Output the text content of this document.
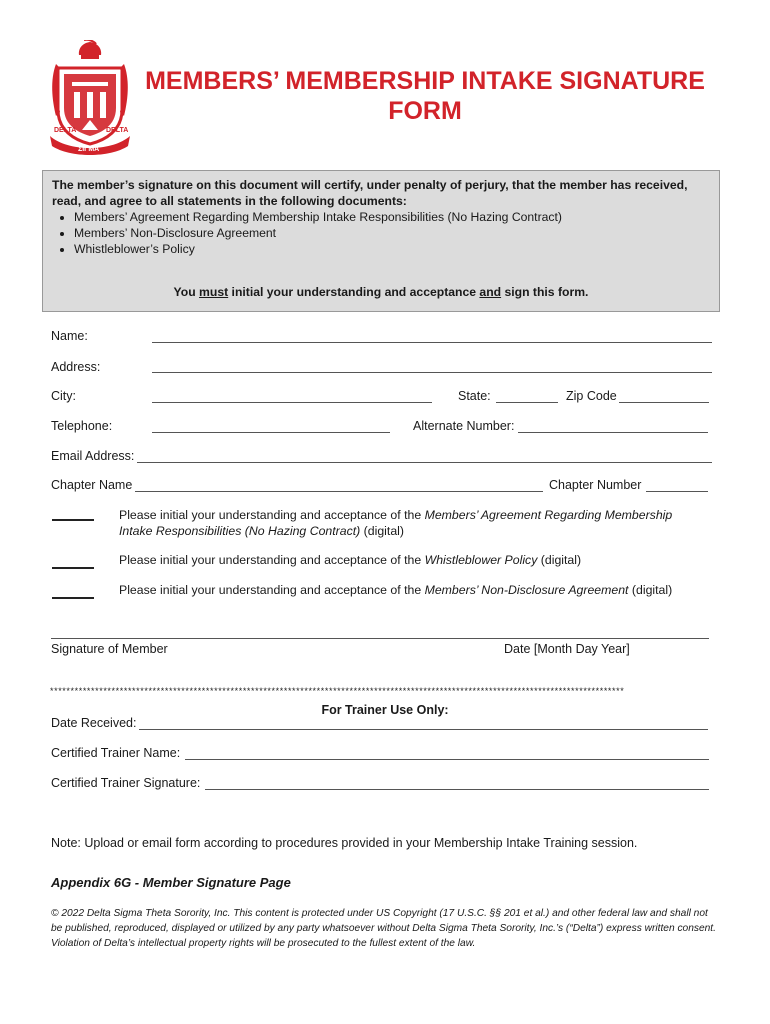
DELTA	DELTA
ΣΙΓΜΑ
MEMBERS’ MEMBERSHIP INTAKE SIGNATURE
FORM
The member’s signature on this document will certify, under penalty of perjury, that the member has received, read, and agree to all statements in the following documents:
• Members’ Agreement Regarding Membership Intake Responsibilities (No Hazing Contract)
• Members’ Non-Disclosure Agreement
• Whistleblower’s Policy
You must initial your understanding and acceptance and sign this form.
Name:
Address:
City:	State:	Zip Code
Telephone:	Alternate Number:
Email Address:
Chapter Name	Chapter Number
Please initial your understanding and acceptance of the Members’ Agreement Regarding Membership Intake Responsibilities (No Hazing Contract) (digital)
Please initial your understanding and acceptance of the Whistleblower Policy (digital)
Please initial your understanding and acceptance of the Members’ Non-Disclosure Agreement (digital)
Signature of Member	Date [Month Day Year]
********************************************************************************************************************************************
For Trainer Use Only:
Date Received:
Certified Trainer Name:
Certified Trainer Signature:
Note: Upload or email form according to procedures provided in your Membership Intake Training session.
Appendix 6G - Member Signature Page
© 2022 Delta Sigma Theta Sorority, Inc. This content is protected under US Copyright (17 U.S.C. §§ 201 et al.) and other federal law and shall not be published, reproduced, displayed or utilized by any party whatsoever without Delta Sigma Theta Sorority, Inc.’s (“Delta”) express written consent. Violation of Delta’s intellectual property rights will be prosecuted to the fullest extent of the law.
